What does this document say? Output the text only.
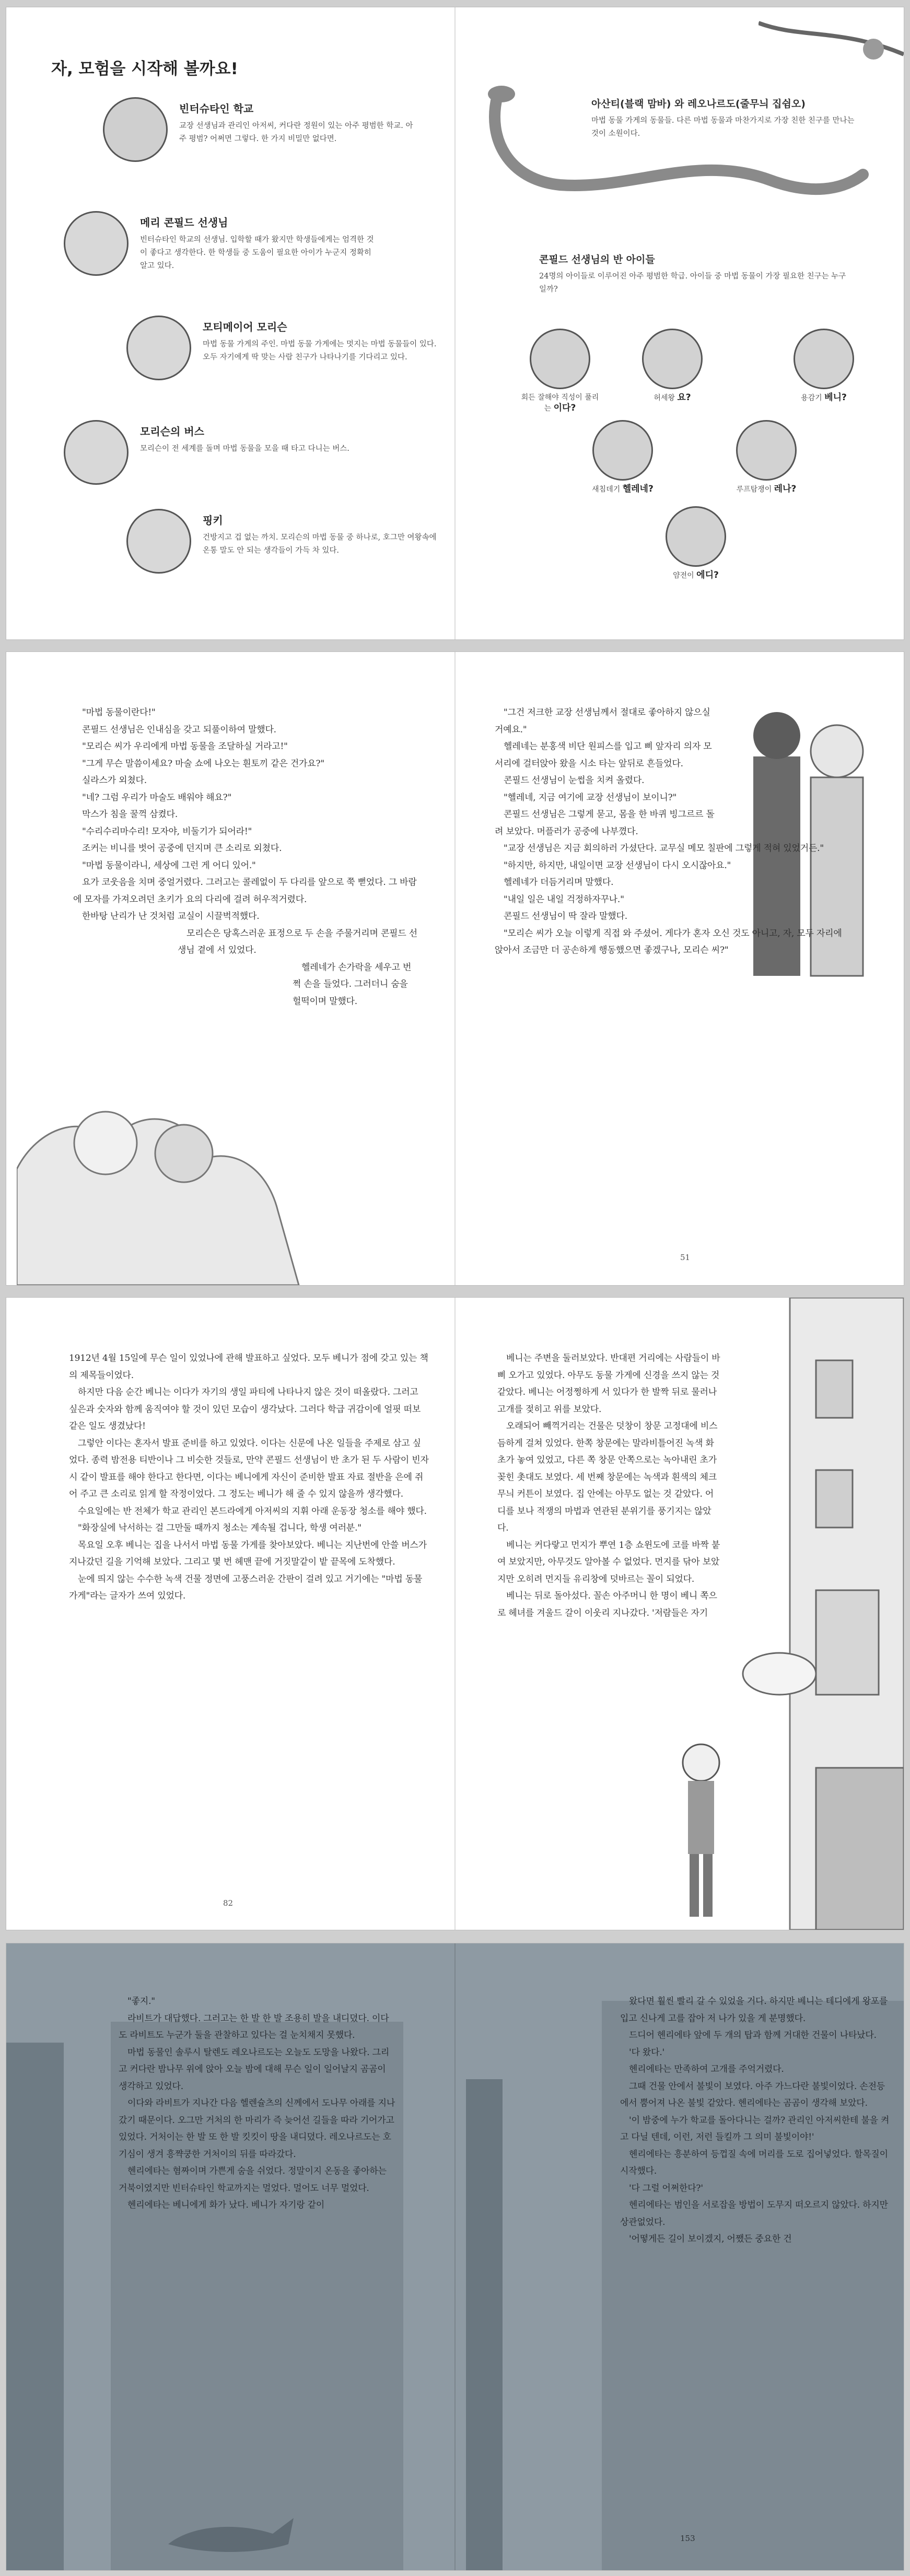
자, 모험을 시작해 볼까요!
빈터슈타인 학교
교장 선생님과 관리인 아저씨, 커다란 정원이 있는 아주 평범한 학교. 아주 평범? 어쩌면 그렇다. 한 가지 비밀만 없다면.
메리 콘필드 선생님
빈터슈타인 학교의 선생님. 입학할 때가 왔지만 학생들에게는 엄격한 것이 좋다고 생각한다. 한 학생들 중 도움이 필요한 아이가 누군지 정확히 알고 있다.
모티메이어 모리슨
마법 동물 가게의 주인. 마법 동물 가게에는 멋지는 마법 동물들이 있다. 오두 자기에게 딱 맞는 사람 친구가 나타나기를 기다리고 있다.
모리슨의 버스
모리슨이 전 세계를 돌며 마법 동물을 모을 때 타고 다니는 버스.
핑키
건방지고 겁 없는 까치. 모리슨의 마법 동물 중 하나로, 호그만 여왕속에 온통 말도 안 되는 생각들이 가득 차 있다.
아산티(블랙 맘바) 와 레오나르도(줄무늬 집쉼오)
마법 동물 가게의 동물들. 다른 마법 동물과 마찬가지로 가장 친한 친구를 만나는 것이 소원이다.
콘필드 선생님의 반 아이들
24명의 아이들로 이루어진 아주 평범한 학급. 아이들 중 마법 동물이 가장 필요한 친구는 누구일까?
회든 잘해야 직성이 풀리는 이다?
허세왕 요?	용감기 베니?
새침데기 헬레네?	루프탐쟁이 레나?
얌전이 에디?

"마법 동물이란다!"

콘필드 선생님은 인내심을 갖고 되풀이하여 말했다.

"모리슨 씨가 우리에게 마법 동물을 조달하실 거라고!"

"그게 무슨 말씀이세요? 마술 쇼에 나오는 흰토끼 같은 건가요?"

실라스가 외쳤다.

"네? 그럼 우리가 마술도 배워야 해요?"

막스가 침을 꿀꺽 삼켰다.

"수리수리마수리! 모자야, 비둘기가 되어라!"

조커는 비니를 벗어 공중에 던지며 큰 소리로 외쳤다.

"마법 동물이라니, 세상에 그런 게 어디 있어."

요가 코웃음을 치며 중얼거렸다. 그러고는 콜레없이 두 다리를 앞으로 쭉 뻗었다. 그 바람에 모자를 가져오려던 초키가 요의 다리에 걸려 허우적거렸다.

한바탕 난리가 난 것처럼 교실이 시끌벅적했다.

모리슨은 당혹스러운 표정으로 두 손을 주물거리며 콘필드 선생님 곁에 서 있었다.

헬레네가 손가락을 세우고 번쩍 손을 들었다. 그러더니 숨을 헐떡이며 말했다.

"그건 저크한 교장 선생님께서 절대로 좋아하지 않으실 거예요."

헬레네는 분홍색 비단 원피스를 입고 삐 앞자리 의자 모서리에 걸터앉아 왔을 시소 타는 앞뒤로 흔들었다.

콘필드 선생님이 눈썹을 치켜 올렸다.

"헬레네, 지금 여기에 교장 선생님이 보이니?"

콘필드 선생님은 그렇게 묻고, 몸을 한 바퀴 빙그르르 돌려 보았다. 머플러가 공중에 나부꼈다.

"교장 선생님은 지금 회의하러 가셨단다. 교무실 메모 칠판에 그렇게 적혀 있었거든."

"하지만, 하지만, 내일이면 교장 선생님이 다시 오시잖아요."

헬레네가 더듬거리며 말했다.

"내일 일은 내일 걱정하자꾸나."

콘필드 선생님이 딱 잘라 말했다.

"모리슨 씨가 오늘 이렇게 직접 와 주셨어. 게다가 혼자 오신 것도 아니고, 자, 모두 자리에 앉아서 조금만 더 공손하게 행동했으면 좋겠구나, 모리슨 씨?"

51

1912년 4월 15일에 무슨 일이 있었나에 관해 발표하고 싶었다. 모두 베니가 점에 갖고 있는 책의 제목들이었다.

하지만 다음 순간 베니는 이다가 자기의 생일 파티에 나타나지 않은 것이 떠올랐다. 그러고 싶은과 숫자와 함께 움직여야 할 것이 있던 모습이 생각났다. 그러다 학급 귀감이에 얼핏 떠보 같은 일도 생겼났다!

그렇안 이다는 혼자서 발표 준비를 하고 있었다. 이다는 신문에 나온 일들을 주제로 삼고 싶었다. 종력 밤전용 티반이나 그 비슷한 것들로, 만약 콘필드 선생님이 반 초가 된 두 사람이 빈자 시 같이 발표를 해야 한다고 한다면, 이다는 베니에게 자신이 준비한 발표 자료 절반을 은에 쥐어 주고 큰 소리로 읽게 할 작정이었다. 그 정도는 베니가 해 줄 수 있지 않을까 생각했다.

수요일에는 반 전체가 학교 관리인 본드라에게 아저씨의 지휘 아래 운동장 청소를 해야 했다.

"화장실에 낙서하는 걸 그만둘 때까지 청소는 계속될 겁니다, 학생 여러분."

목요일 오후 베니는 집을 나서서 마법 동물 가게를 찾아보았다. 베니는 지난번에 안쓸 버스가 지나갔던 길을 기억해 보았다. 그리고 몇 번 헤맨 끝에 거짓말같이 밭 끝목에 도착했다.

눈에 띄지 않는 수수한 녹색 건물 정면에 고풍스러운 간판이 걸려 있고 거기에는 "마법 동물 가게"라는 글자가 쓰여 있었다.

82

베니는 주변을 둘러보았다. 반대편 거리에는 사람들이 바삐 오가고 있었다. 아무도 동물 가게에 신경을 쓰지 않는 것 같았다. 베니는 어정쩡하게 서 있다가 한 발짝 뒤로 물러나 고개를 젖히고 위를 보았다.

오래되어 빼꺽거리는 건물은 덧창이 창문 고정대에 비스듬하게 걸쳐 있었다. 한쪽 창문에는 말라비틀어진 녹색 화초가 놓여 있었고, 다른 쪽 창문 안쪽으로는 녹아내린 초가 꽂힌 촛대도 보였다. 세 번째 창문에는 녹색과 흰색의 체크무늬 커튼이 보였다. 집 안에는 아무도 없는 것 같았다. 어디를 보나 적쟁의 마법과 연관된 분위기를 풍기지는 않았다.

베니는 커다랗고 먼지가 뿌연 1층 쇼윈도에 코를 바짝 붙여 보았지만, 아무것도 알아볼 수 없었다. 먼지를 닦아 보았지만 오히려 먼지들 유리창에 덧바르는 꼴이 되었다.

베니는 뒤로 돌아섰다. 꼴손 아주머니 한 명이 베니 쪽으로 헤녀를 겨울드 갈이 이웃리 지나갔다. '저람들은 자기

"좋지."

라비트가 대답했다. 그러고는 한 발 한 발 조용히 발을 내디뎠다. 이다도 라비트도 누군가 둘을 관찰하고 있다는 걸 눈치채지 못했다.

마법 동물인 솔루시 탈렌도 레오나르도는 오늘도 도망을 나왔다. 그리고 커다란 밤나무 위에 앉아 오늘 밤에 대해 무슨 일이 일어날지 곰곰이 생각하고 있었다.

이다와 라비트가 지나간 다음 헬렌슐츠의 신께에서 도나무 아래를 지나갔기 때문이다. 오그만 거처의 한 마리가 즉 늦어선 길들을 따라 기어가고 있었다. 거처이는 한 발 또 한 발 킷킷이 땅을 내디뎠다. 레오나르도는 호기심이 생겨 흥쨕쿵한 거처이의 뒤를 따라갔다.

헨리에타는 혐짜이며 가쁜게 숨을 쉬었다. 정말이지 온동을 좋아하는 거북이였지만 빈터슈타인 학교까지는 멀었다. 멀어도 너무 멀었다.

헨리에타는 베니에게 화가 났다. 베니가 자기랑 같이

왔다면 훨씬 빨리 갈 수 있었을 거다. 하지만 베니는 테디에게 왕포를 입고 신나게 고를 잡아 저 나가 있을 게 분명했다.

드디어 헨리에타 앞에 두 개의 탑과 함께 거대한 건물이 나타났다.

'다 왔다.'

헨리에타는 만족하여 고개를 주억거렸다.

그때 건물 안에서 불빛이 보였다. 아주 가느다란 불빛이었다. 손전등에서 뿜어져 나온 불빛 같았다. 헨리에타는 곰곰이 생각해 보았다.

'이 밤중에 누가 학교를 돌아다니는 걸까? 관리인 아저씨한테 불을 켜고 다닐 텐데, 이런, 저런 들킬까 그 의미 불빛이야!'

헨리에타는 흥분하여 등껍질 속에 머리를 도로 집어넣었다. 할목질이 시작했다.

'다 그럴 어쩌한다?'

헨리에타는 범인을 서로잡을 방법이 도무지 떠오르지 않았다. 하지만 상관없었다.

'어떻게든 길이 보이겠지, 어쨌든 중요한 건

153
